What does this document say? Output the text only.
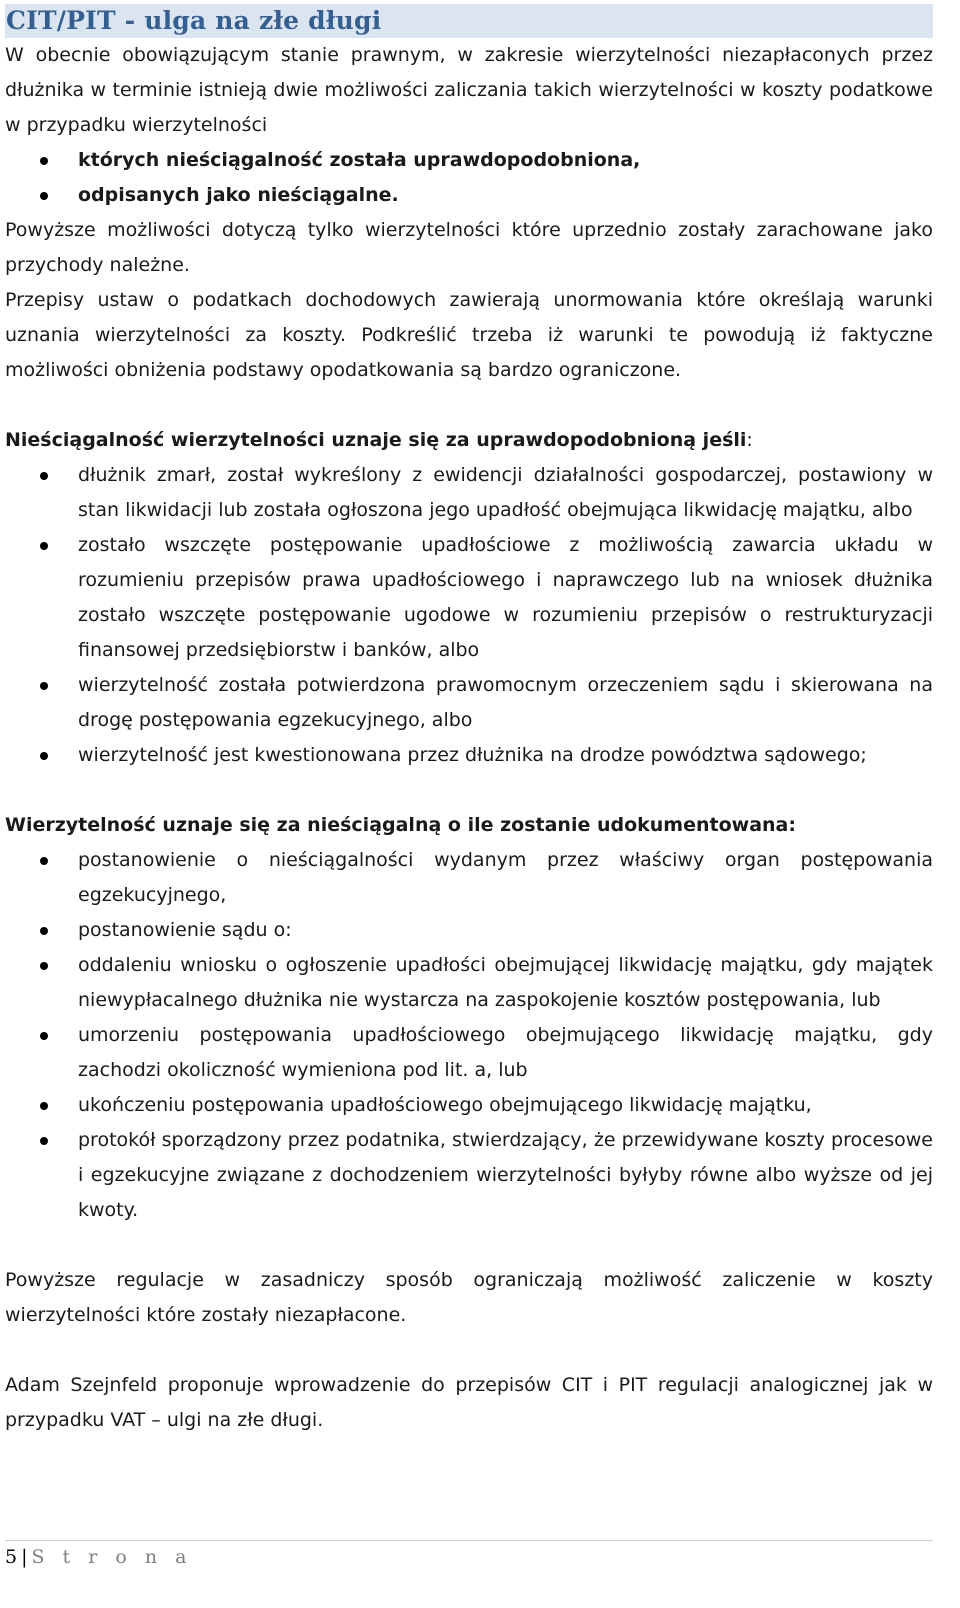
CIT/PIT - ulga na złe długi

W obecnie obowiązującym stanie prawnym, w zakresie wierzytelności niezapłaconych przez dłużnika w terminie istnieją dwie możliwości zaliczania takich wierzytelności w koszty podatkowe w przypadku wierzytelności

których nieściągalność została uprawdopodobniona,
odpisanych jako nieściągalne.

Powyższe możliwości dotyczą tylko wierzytelności które uprzednio zostały zarachowane jako przychody należne.

Przepisy ustaw o podatkach dochodowych zawierają unormowania które określają warunki uznania wierzytelności za koszty. Podkreślić trzeba iż warunki te powodują iż faktyczne możliwości obniżenia podstawy opodatkowania są bardzo ograniczone.

Nieściągalność wierzytelności uznaje się za uprawdopodobnioną jeśli:

dłużnik zmarł, został wykreślony z ewidencji działalności gospodarczej, postawiony w stan likwidacji lub została ogłoszona jego upadłość obejmująca likwidację majątku, albo
zostało wszczęte postępowanie upadłościowe z możliwością zawarcia układu w rozumieniu przepisów prawa upadłościowego i naprawczego lub na wniosek dłużnika zostało wszczęte postępowanie ugodowe w rozumieniu przepisów o restrukturyzacji finansowej przedsiębiorstw i banków, albo
wierzytelność została potwierdzona prawomocnym orzeczeniem sądu i skierowana na drogę postępowania egzekucyjnego, albo
wierzytelność jest kwestionowana przez dłużnika na drodze powództwa sądowego;

Wierzytelność uznaje się za nieściągalną o ile zostanie udokumentowana:

postanowienie o nieściągalności wydanym przez właściwy organ postępowania egzekucyjnego,
postanowienie sądu o:
oddaleniu wniosku o ogłoszenie upadłości obejmującej likwidację majątku, gdy majątek niewypłacalnego dłużnika nie wystarcza na zaspokojenie kosztów postępowania, lub
umorzeniu postępowania upadłościowego obejmującego likwidację majątku, gdy zachodzi okoliczność wymieniona pod lit. a, lub
ukończeniu postępowania upadłościowego obejmującego likwidację majątku,
protokół sporządzony przez podatnika, stwierdzający, że przewidywane koszty procesowe i egzekucyjne związane z dochodzeniem wierzytelności byłyby równe albo wyższe od jej kwoty.

Powyższe regulacje w zasadniczy sposób ograniczają możliwość zaliczenie w koszty wierzytelności które zostały niezapłacone.

Adam Szejnfeld proponuje wprowadzenie do przepisów CIT i PIT regulacji analogicznej jak w przypadku VAT – ulgi na złe długi.

5 | S t r o n a
